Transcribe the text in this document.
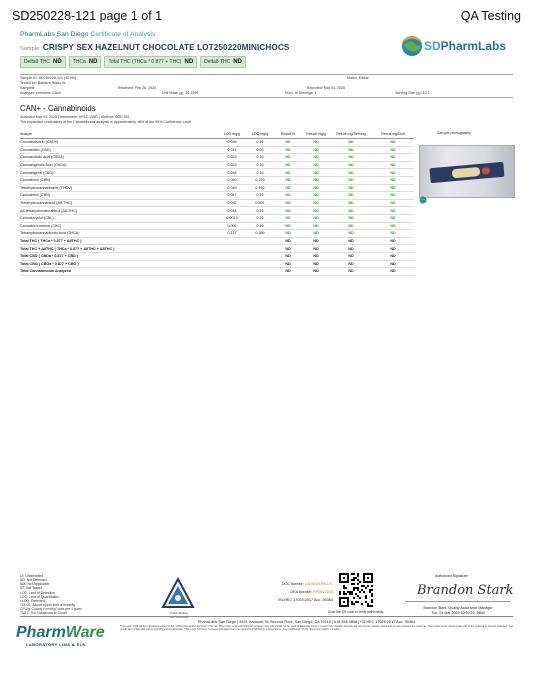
SD250228-121 page 1 of 1	QA Testing
PharmLabs San Diego Certificate of Analysis
Sample: CRISPY SEX HAZELNUT CHOCOLATE LOT250220MINICHOCS	SDPharmLabs
Delta9 THC ND	THCa ND	Total THC (THCa * 0.877 + THC) ND	Delta8 THC ND
Sample ID: SD250228-121 (92190)	Matrix: Edible
Tested for: Baklava Sticks llc
Sampled: -	Received: Feb 26, 2025	Reported: Mar 04, 2025
Analyses executed: CAN+	Unit Mass (g): 10.1995	Num. of Servings: 1	Serving Size (g): 10.2
CAN+ - Cannabinoids
Analyzed Mar 03, 2025 | Instrument: HPLC-VWD | Method: SOP-001
The expanded Uncertainty of the Cannabinoids analysis is approximately ±8% at the 95% Confidence Level
Analyte	LOD mg/g	LOQ mg/g	Result %	Result mg/g	Result mg/Serving	Result mg/Unit
Cannabidivarin (CBDV)	0.039	0.16	ND	ND	ND	ND
Cannabidiol (CBD)	0.011	0.03	ND	ND	ND	ND
Cannabidiolic Acid (CBDA)	0.033	0.16	ND	ND	ND	ND
Cannabigerolic Acid (CBGA)	0.033	0.16	ND	ND	ND	ND
Cannabigerol (CBG)	0.048	0.16	ND	ND	ND	ND
Cannabinol (CBN)	0.069	0.229	ND	ND	ND	ND
Tetrahydrocannabivarin (THCV)	0.049	0.162	ND	ND	ND	ND
Cannabinol (CBN)	0.047	0.16	ND	ND	ND	ND
Tetrahydrocannabinol (Δ9-THC)	0.092	0.307	ND	ND	ND	ND
Δ8-tetrahydrocannabinol (Δ8-THC)	0.044	0.16	ND	ND	ND	ND
Cannabicyclol (CBL)	0.0013	0.16	ND	ND	ND	ND
Cannabichromene (CBC)	0.002	0.16	ND	ND	ND	ND
Tetrahydrocannabinolic Acid (THCA)	0.117	0.389	ND	ND	ND	ND
Total THC ( THCa * 0.877 + Δ9THC )			ND	ND	ND	ND
Total THC + Δ8THC ( THCa * 0.877 + Δ9THC + Δ8THC )			ND	ND	ND	ND
Total CBD ( CBDa * 0.877 + CBD )			ND	ND	ND	ND
Total CBG ( CBGa * 0.877 + CBG )			ND	ND	ND	ND
Total Cannabinoids Analyzed			ND	ND	ND	ND
Sample photography
UI: Unidentified
ND: Not Detected
N/A: Not Applicable
NT: Not Tested
LOD: Limit of Detection
LOQ: Limit of Quantitation
<LOQ: Detected
>ULOL: Above upper limit of linearity
CFU/g: Colony Forming Units per 1 gram
TNTC: Too Numerous to Count
PharmWare
LABORATORY LIMS & ELN
PJLA Testing
Acc. #105364
DCC license: C8-0000096-LIC
DEA license: RP0617043
ISO/IEC 17025:2017 Acc. 95364
Scan the QR code to verify authenticity.
Authorized Signature
Brandon Stark
Brandon Stark, Quality Assurance Manager
Tue, 04 Mar 2025 10:59:29 -0800
PharmLabs San Diego | 3421 Hancock St, Second Floor, San Diego, CA 92110 | 619.356.0898 | ISO/IEC 17025:2017 Acc. 95364
This report shall not be reproduced except in full, without the written approval of the lab. This report is for informational purposes only and should not be used to diagnose, treat or prevent any disease. Results are only for the sample tested and do not represent the entire lot. The results of this report relate only to the material or product analyzed. Test results are confidential unless explicitly waived otherwise. This report has been reviewed and approved by an authorized laboratory representative. Any modification of this document renders it invalid.
